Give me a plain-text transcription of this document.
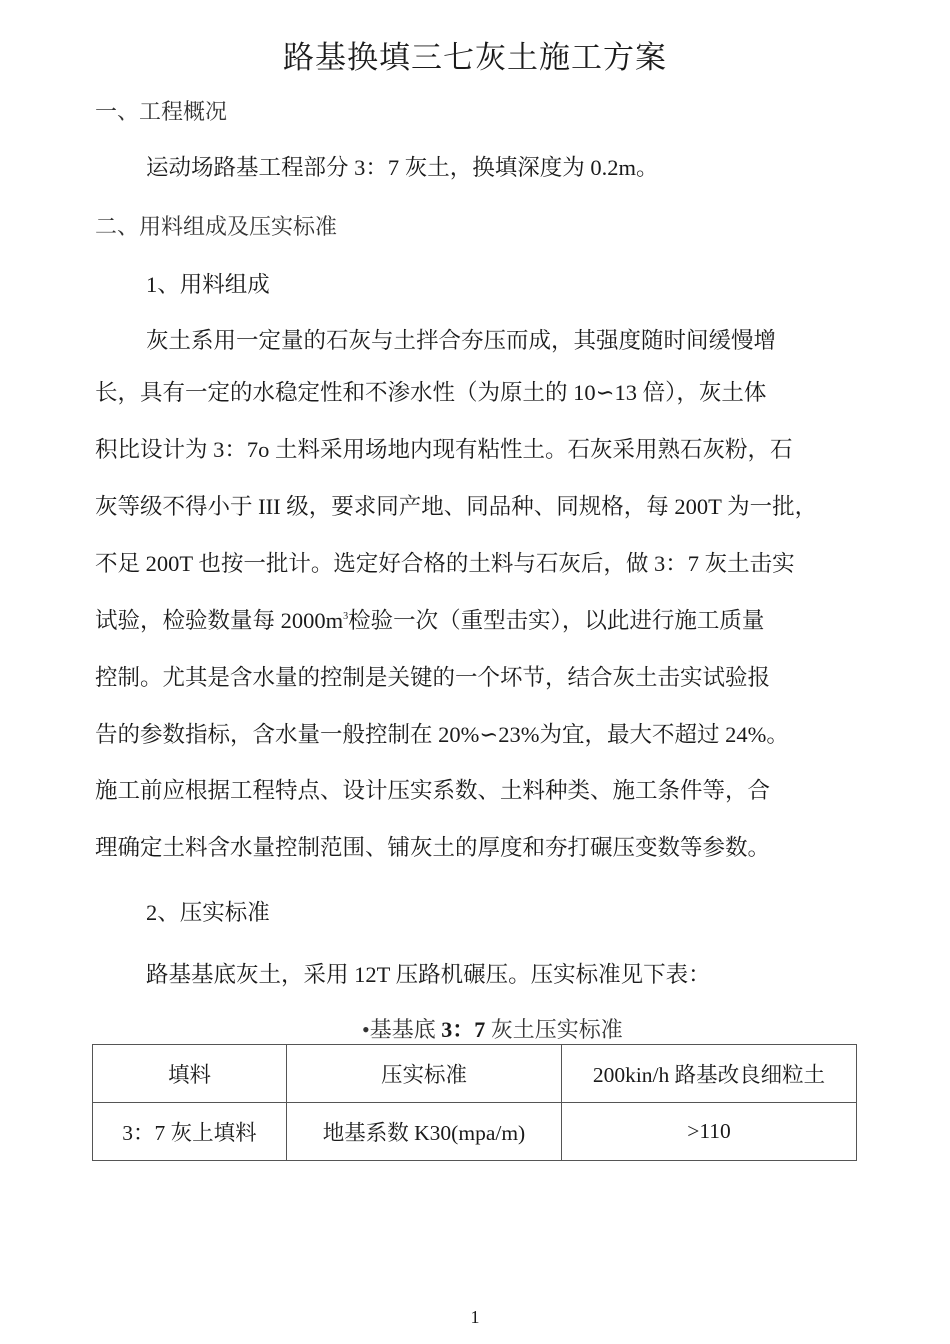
路基换填三七灰土施工方案
一、工程概况
运动场路基工程部分 3：7 灰土，换填深度为 0.2m。
二、用料组成及压实标准
1、用料组成
灰土系用一定量的石灰与土拌合夯压而成，其强度随时间缓慢增
长，具有一定的水稳定性和不渗水性（为原土的 10∽13 倍），灰土体
积比设计为 3：7o 土料采用场地内现有粘性土。石灰采用熟石灰粉，石
灰等级不得小于 III 级，要求同产地、同品种、同规格，每 200T 为一批，
不足 200T 也按一批计。选定好合格的土料与石灰后，做 3：7 灰土击实
试验，检验数量每 $2000m^3$检验一次（重型击实），以此进行施工质量
控制。尤其是含水量的控制是关键的一个坏节，结合灰土击实试验报
告的参数指标，含水量一般控制在 20%∽23%为宜，最大不超过 24%。
施工前应根据工程特点、设计压实系数、土料种类、施工条件等，合
理确定土料含水量控制范围、铺灰土的厚度和夯打碾压变数等参数。
2、压实标准
路基基底灰土，采用 12T 压路机碾压。压实标准见下表：
•基基底 3：7 灰土压实标准
填料	压实标准	200kin/h 路基改良细粒土
3：7 灰上填料	地基系数 K30(mpa/m)	>110
1
